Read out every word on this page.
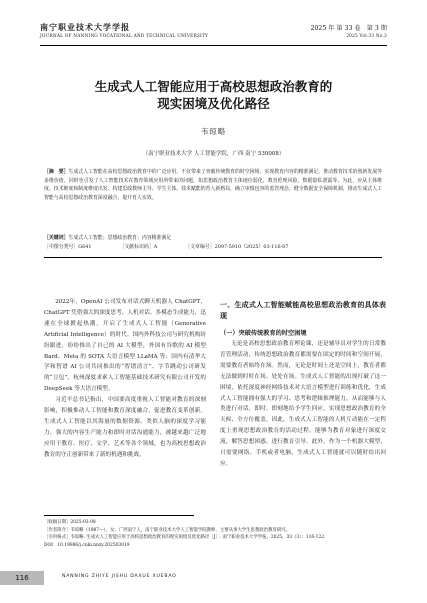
南宁职业技术大学学报	2025 年 第 33 卷　第 3 期
JOURNAL OF NANNING VOCATIONAL AND TECHNICAL UNIVERSITY	2025 Vol.33 No.3
生成式人工智能应用于高校思想政治教育的
现实困境及优化路径
韦琼略
（南宁职业技术大学 人工智能学院，广西 南宁 530008）
［摘　要］生成式人工智能在高校思想政治教育中的广泛应用，不仅带来了突破传统教育的时空困境、实现教育内容的精准满足、推动教育技术的创新发展等多维价值，同时也引发了人工智能技术在教育领域应用所带来的问题，如思想政治教育主体地位弱化、教育伦理风险、数据隐私泄露等。为此，应从主体维度、技术维度和制度维度出发，构建思政教师主导、学生主体、技术赋能的育人新格局，确立审慎包容的监管理念，健全数据安全保障机制，推动生成式人工智能与高校思想政治教育深度融合，提升育人实效。
［关键词］生成式人工智能；思想政治教育；内容精准满足
［中图分类号］G641	［文献标识码］A	［文章编号］2097-5910（2025）03-116-07

2022年，OpenAI 公司发布对话式聊天机器人 ChatGPT，ChatGPT 凭借强大的深度思考、人机对话、多模态生成能力，迅速在全球掀起热潮，开启了生成式人工智能（Generative Artificial Intelligence）的时代。国内外科技公司与研究机构纷纷跟进，纷纷推出了自己的 AI 大模型，外国有谷歌的 AI 模型 Bard、Meta 的 SOTA 大语言模型 LLaMA 等；国内有清华大学和智谱 AI 公司共同推出的“智谱清言”、字节跳动公司研发的“豆包”、杭州深度求索人工智能基础技术研究有限公司开发的 DeepSeek 等大语言模型。

习近平总书记指出，中国要高度重视人工智能对教育的深刻影响，积极推动人工智能和教育深度融合，促进教育变革创新。生成式人工智能以其海量的数据资源、类似人脑的深度学习能力、强大的内容生产能力和即时对话沟通能力，被越来越广泛地应用于教育、医疗、文学、艺术等各个领域，也为高校思想政治教育的守正创新带来了新的机遇和挑战。

一、生成式人工智能赋能高校思想政治教育的具体表现
（一）突破传统教育的时空困境

无论是高校思想政治教育理论课，还是辅导员对学生的日常教育管理活动，传统思想政治教育都需要在固定的时间和空间开展，需要教育者始终在场。然而，无论是时间上还是空间上，教育者都无法做到时时在场、处处在场。生成式人工智能的出现打破了这一困境，依托深度神经网络技术对大语言模型进行训练和优化，生成式人工智能拥有强大的学习、思考和逻辑推理能力，从而能够与人类进行对话，即时、即刻地给予学生回应，实现思想政治教育的全天候、全方位覆盖。因此，生成式人工智能的人机互动能在一定程度上重现思想政治教育的活动过程，能够为教育对象进行深度交流，解答思想困惑，进行教育引导。此外，作为一个机器大模型，只需要网络、手机或者电脑，生成式人工智能就可以随时给出回应。

［收稿日期］2025-03-08
［作者简介］韦琼略（1987—），女，广西南宁人，南宁职业技术大学人工智能学院教师，主要从事大学生思想政治教育研究。
［引用格式］韦琼略. 生成式人工智能应用于高校思想政治教育的现实困境及优化路径［J］. 南宁职业技术大学学报，2025，33（3）：116-122.
DOI：10.19886/j.cnki.nnzy.202503019
116	NANNING ZHIYE JISHU DAXUE XUEBAO
